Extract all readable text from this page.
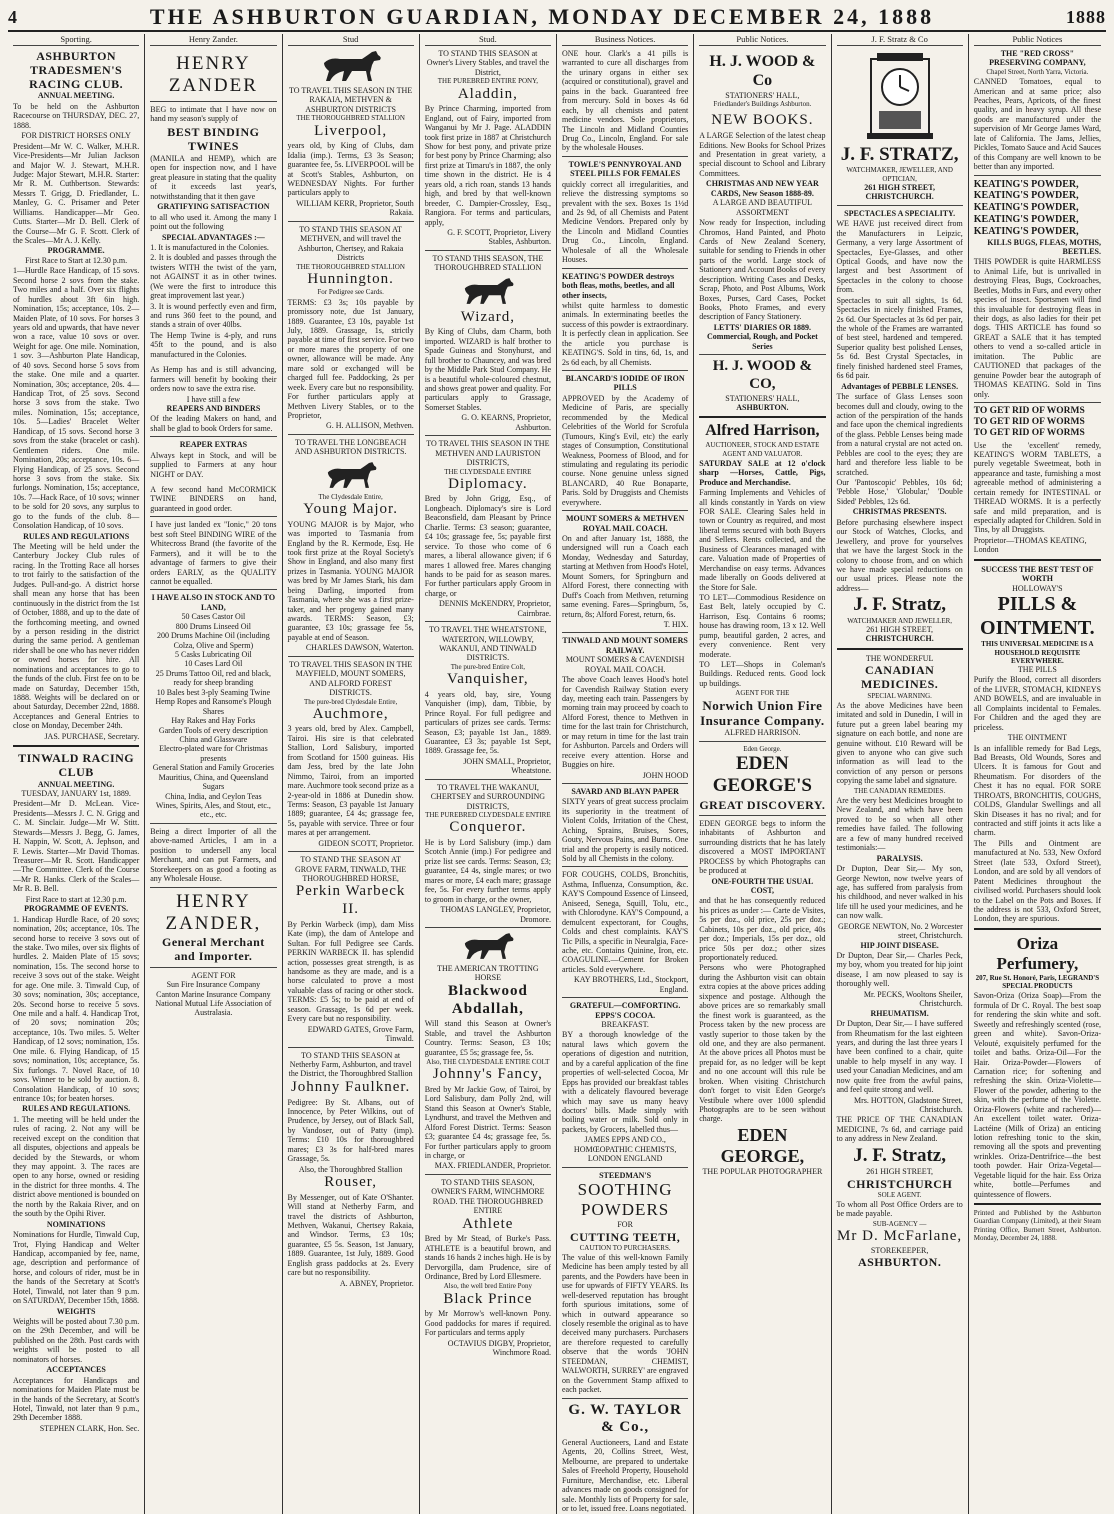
4	THE ASHBURTON GUARDIAN, MONDAY DECEMBER 24, 1888	1888
Sporting.
ASHBURTON TRADESMEN'S RACING CLUB.
ANNUAL MEETING.

To be held on the Ashburton Racecourse on THURSDAY, DEC. 27, 1888.

FOR DISTRICT HORSES ONLY

President—Mr W. C. Walker, M.H.R. Vice-Presidents—Mr Julian Jackson and Major W. J. Stewart, M.H.R. Judge: Major Stewart, M.H.R. Starter: Mr R. M. Cuthbertson. Stewards: Messrs T. Grigg, D. Friedlander, L. Manley, G. C. Prisamer and Peter Williams. Handicapper—Mr Geo. Cutts. Starter—Mr D. Bell. Clerk of the Course—Mr G. F. Scott. Clerk of the Scales—Mr A. J. Kelly.

PROGRAMME.
First Race to Start at 12.30 p.m.

1—Hurdle Race Handicap, of 15 sovs. Second horse 2 sovs from the stake. Two miles and a half. Over six flights of hurdles about 3ft 6in high. Nomination, 15s; acceptance, 10s. 2—Maiden Plate, of 10 sovs. For horses 3 years old and upwards, that have never won a race, value 10 sovs or over. Weight for age. One mile. Nomination, 1 sov. 3—Ashburton Plate Handicap, of 40 sovs. Second horse 5 sovs from the stake. One mile and a quarter. Nomination, 30s; acceptance, 20s. 4—Handicap Trot, of 25 sovs. Second horse 3 sovs from the stake. Two miles. Nomination, 15s; acceptance, 10s. 5—Ladies' Bracelet Welter Handicap, of 15 sovs. Second horse 3 sovs from the stake (bracelet or cash). Gentlemen riders. One mile. Nomination, 20s; acceptance, 10s. 6—Flying Handicap, of 25 sovs. Second horse 3 sovs from the stake. Six furlongs. Nomination, 15s; acceptance, 10s. 7—Hack Race, of 10 sovs; winner to be sold for 20 sovs, any surplus to go to the funds of the club. 8—Consolation Handicap, of 10 sovs.

RULES AND REGULATIONS

The Meeting will be held under the Canterbury Jockey Club rules of racing. In the Trotting Race all horses to trot fairly to the satisfaction of the Judges. Pull-and-go. A district horse shall mean any horse that has been continuously in the district from the 1st of October, 1888, and up to the date of the forthcoming meeting, and owned by a person residing in the district during the same period. A gentleman rider shall be one who has never ridden or owned horses for hire. All nominations and acceptances to go to the funds of the club. First fee on to be made on Saturday, December 15th, 1888. Weights will be declared on or about Saturday, December 22nd, 1888. Acceptances and General Entries to close on Monday, December 24th.

JAS. PURCHASE, Secretary.
TINWALD RACING CLUB
ANNUAL MEETING.
TUESDAY, JANUARY 1st, 1889.

President—Mr D. McLean. Vice-Presidents—Messrs J. C. N. Grigg and C. M. Sinclair. Judge—Mr W. Stitt. Stewards—Messrs J. Begg, G. James, H. Nappin, W. Scott, A. Jephson, and F. Lewis. Starter—Mr David Thomas. Treasurer—Mr R. Scott. Handicapper—The Committee. Clerk of the Course—Mr R. Hanks. Clerk of the Scales—Mr R. B. Bell.

First Race to start at 12.30 p.m.
PROGRAMME OF EVENTS.

1. Handicap Hurdle Race, of 20 sovs; nomination, 20s; acceptance, 10s. The second horse to receive 3 sovs out of the stake. Two miles, over six flights of hurdles. 2. Maiden Plate of 15 sovs; nomination, 15s. The second horse to receive 3 sovs out of the stake. Weight for age. One mile. 3. Tinwald Cup, of 30 sovs; nomination, 30s; acceptance, 20s. Second horse to receive 5 sovs. One mile and a half. 4. Handicap Trot, of 20 sovs; nomination 20s; acceptance, 10s. Two miles. 5. Welter Handicap, of 12 sovs; nomination, 15s. One mile. 6. Flying Handicap, of 15 sovs; nomination, 10s; acceptance, 5s. Six furlongs. 7. Novel Race, of 10 sovs. Winner to be sold by auction. 8. Consolation Handicap, of 10 sovs; entrance 10s; for beaten horses.

RULES AND REGULATIONS.

1. The meeting will be held under the rules of racing. 2. Not any will be received except on the condition that all disputes, objections and appeals be decided by the Stewards, or whom they may appoint. 3. The races are open to any horse, owned or residing in the district for three months. 4. The district above mentioned is bounded on the north by the Rakaia River, and on the south by the Opihi River.

NOMINATIONS

Nominations for Hurdle, Tinwald Cup, Trot, Flying Handicap and Welter Handicap, accompanied by fee, name, age, description and performance of horse, and colours of rider, must be in the hands of the Secretary at Scott's Hotel, Tinwald, not later than 9 p.m. on SATURDAY, December 15th, 1888.

WEIGHTS

Weights will be posted about 7.30 p.m. on the 29th December, and will be published on the 28th. Post cards with weights will be posted to all nominators of horses.

ACCEPTANCES

Acceptances for Handicaps and nominations for Maiden Plate must be in the hands of the Secretary, at Scott's Hotel, Tinwald, not later than 9 p.m., 29th December 1888.

STEPHEN CLARK, Hon. Sec.
Henry Zander.
HENRY ZANDER

BEG to intimate that I have now on hand my season's supply of

BEST BINDING TWINES

(MANILA and HEMP), which are open for inspection now, and I have great pleasure in stating that the quality of it exceeds last year's, notwithstanding that it then gave

GRATIFYING SATISFACTION

to all who used it. Among the many I point out the following

SPECIAL ADVANTAGES :—

1. It is manufactured in the Colonies.

2. It is doubled and passes through the twisters WITH the twist of the yarn, not AGAINST it as in other twines. (We were the first to introduce this great improvement last year.)

3. It is wound perfectly even and firm, and runs 360 feet to the pound, and stands a strain of over 40lbs.

The Hemp Twine is 4-ply, and runs 45ft to the pound, and is also manufactured in the Colonies.

As Hemp has and is still advancing, farmers will benefit by booking their orders now to save the extra rise.

I have still a few
REAPERS AND BINDERS

Of the leading Makers on hand, and shall be glad to book Orders for same.

REAPER EXTRAS

Always kept in Stock, and will be supplied to Farmers at any hour NIGHT or DAY.

A few second hand McCORMICK TWINE BINDERS on hand, guaranteed in good order.

I have just landed ex "Ionic," 20 tons best soft Steel BINDING WIRE of the Whitecross Brand (the favorite of the Farmers), and it will be to the advantage of farmers to give their orders EARLY, as the QUALITY cannot be equalled.

I HAVE ALSO IN STOCK AND TO LAND,
50 Cases Castor Oil
800 Drums Linseed Oil
200 Drums Machine Oil (including Colza, Olive and Sperm)
5 Casks Lubricating Oil
10 Cases Lard Oil
25 Drums Tattoo Oil, red and black, ready for sheep branding
10 Bales best 3-ply Seaming Twine
Hemp Ropes and Ransome's Plough Shares
Hay Rakes and Hay Forks
Garden Tools of every description
China and Glassware
Electro-plated ware for Christmas presents
General Station and Family Groceries Mauritius, China, and Queensland Sugars
China, India, and Ceylon Teas
Wines, Spirits, Ales, and Stout, etc., etc., etc.

Being a direct Importer of all the above-named Articles, I am in a position to undersell any local Merchant, and can put Farmers, and Storekeepers on as good a footing as any Wholesale House.

HENRY ZANDER,
General Merchant and Importer.
AGENT FOR
Sun Fire Insurance Company
Canton Marine Insurance Company
National Mutual Life Association of Australasia.
Stud
TO TRAVEL THIS SEASON IN THE RAKAIA, METHVEN & ASHBURTON DISTRICTS
THE THOROUGHBRED STALLION
Liverpool,

years old, by King of Clubs, dam Idalia (imp.). Terms, £3 3s Season; guarantee fee, 5s. LIVERPOOL will be at Scott's Stables, Ashburton, on WEDNESDAY Nights. For further particulars apply to

WILLIAM KERR, Proprietor, South Rakaia.
TO STAND THIS SEASON AT METHVEN, and will travel the Ashburton, Chertsey, and Rakaia Districts
THE THOROUGHBRED STALLION
Hunnington.
For Pedigree see Cards.

TERMS: £3 3s; 10s payable by promissory note, due 1st January, 1889. Guarantee, £3 10s, payable 1st July, 1889. Grassage, 1s, strictly payable at time of first service. For two or more mares the property of one owner, allowance will be made. Any mare sold or exchanged will be charged full fee. Paddocking, 2s per week. Every care but no responsibility. For further particulars apply at Methven Livery Stables, or to the Proprietor,

G. H. ALLISON, Methven.
TO TRAVEL THE LONGBEACH AND ASHBURTON DISTRICTS.
The Clydesdale Entire,
Young Major.

YOUNG MAJOR is by Major, who was imported to Tasmania from England by the R. Kermode, Esq. He took first prize at the Royal Society's Show in England, and also many first prizes in Tasmania. YOUNG MAJOR was bred by Mr James Stark, his dam being Darling, imported from Tasmania, where she was a first prize-taker, and her progeny gained many awards. TERMS: Season, £3; guarantee, £3 10s; grassage fee 5s, payable at end of Season.

CHARLES DAWSON, Waterton.
TO TRAVEL THIS SEASON IN THE MAYFIELD, MOUNT SOMERS, AND ALFORD FOREST DISTRICTS.
The pure-bred Clydesdale Entire,
Auchmore,

3 years old, bred by Alex. Campbell, Tairoi. His sire is that celebrated Stallion, Lord Salisbury, imported from Scotland for 1500 guineas. His dam Jess, bred by the late John Nimmo, Tairoi, from an imported mare. Auchmore took second prize as a 2-year-old in 1886 at Dunedin show. Terms: Season, £3 payable 1st January 1889; guarantee, £4 4s; grassage fee, 5s, payable with service. Three or four mares at per arrangement.

GIDEON SCOTT, Proprietor.
TO STAND THE SEASON AT GROVE FARM, TINWALD, THE THOROUGHBRED HORSE,
Perkin Warbeck II.

By Perkin Warbeck (imp), dam Miss Kate (imp), the dam of Antelope and Sultan. For full Pedigree see Cards. PERKIN WARBECK II. has splendid action, possesses great strength, is as handsome as they are made, and is a horse calculated to prove a most valuable class of racing or other stock. TERMS: £5 5s; to be paid at end of season. Grassage, 1s 6d per week. Every care but no responsibility.

EDWARD GATES, Grove Farm, Tinwald.
TO STAND THIS SEASON at Netherby Farm, Ashburton, and travel the District, the Thoroughbred Stallion
Johnny Faulkner.

Pedigree: By St. Albans, out of Innocence, by Peter Wilkins, out of Prudence, by Jersey, out of Black Sall, by Vandoser, out of Patty (imp). Terms: £10 10s for thoroughbred mares; £3 3s for half-bred mares Grassage, 5s.

Also, the Thoroughbred Stallion
Rouser,

By Messenger, out of Kate O'Shanter. Will stand at Netherby Farm, and travel the districts of Ashburton, Methven, Wakanui, Chertsey Rakaia, and Windsor. Terms, £3 10s; guarantee, £5 5s. Season, 1st January, 1889. Guarantee, 1st July, 1889. Good English grass paddocks at 2s. Every care but no responsibility.

A. ABNEY, Proprietor.
Stud.
TO STAND THIS SEASON at Owner's Livery Stables, and travel the District,
THE PUREBRED ENTIRE PONY,
Aladdin,

By Prince Charming, imported from England, out of Fairy, imported from Wanganui by Mr J. Page. ALADDIN took first prize in 1887 at Christchurch Show for best pony, and private prize for best pony by Prince Charming; also first prize at Timaru's in 1887, the only time shown in the district. He is 4 years old, a rich roan, stands 13 hands high, and bred by that well-known breeder, C. Dampier-Crossley, Esq., Rangiora. For terms and particulars, apply,

G. F. SCOTT, Proprietor, Livery Stables, Ashburton.
TO STAND THIS SEASON, THE THOROUGHBRED STALLION
Wizard,

By King of Clubs, dam Charm, both imported. WIZARD is half brother to Spade Guineas and Stonyhurst, and full brother to Chauncey, and was bred by the Middle Park Stud Company. He is a beautiful whole-coloured chestnut, and shows great power and quality. For particulars apply to Grassage, Somerset Stables.

G. O. KEARNS, Proprietor, Ashburton.
TO TRAVEL THIS SEASON IN THE METHVEN AND LAURISTON DISTRICTS,
THE CLYDESDALE ENTIRE
Diplomacy.

Bred by John Grigg, Esq., of Longbeach. Diplomacy's sire is Lord Beaconsfield, dam Pleasant by Prince Charlie. Terms: £3 season; guarantee, £4 10s; grassage fee, 5s; payable first service. To those who come of 6 mares, a liberal allowance given; if 6 mares 1 allowed free. Mares changing hands to be paid for as season mares. For further particulars apply Groom in charge, or

DENNIS McKENDRY, Proprietor, Cairnbrae.
TO TRAVEL THE WHEATSTONE, WATERTON, WILLOWBY, WAKANUI, AND TINWALD DISTRICTS.
The pure-bred Entire Colt,
Vanquisher,

4 years old, bay, sire, Young Vanquisher (imp), dam, Tibbie, by Prince Royal. For full pedigree and particulars of prizes see cards. Terms: Season, £3; payable 1st Jan., 1889. Guarantee, £3 3s; payable 1st Sept, 1889. Grassage fee, 5s.

JOHN SMALL, Proprietor, Wheatstone.
TO TRAVEL THE WAKANUI, CHERTSEY and SURROUNDING DISTRICTS,
THE PUREBRED CLYDESDALE ENTIRE
Conqueror.

He is by Lord Salisbury (imp.) dam Scotch Annie (imp.) For pedigree and prize list see cards. Terms: Season, £3; guarantee, £4 4s, single mares; or two mares or more, £4 each mare; grassage fee, 5s. For every further terms apply to groom in charge, or the owner,

THOMAS LANGLEY, Proprietor, Dromore.
THE AMERICAN TROTTING HORSE
Blackwood Abdallah,

Will stand this Season at Owner's Stable, and travel the Ashburton Country. Terms: Season, £3 10s; guarantee, £5 5s; grassage fee, 5s.

Also, THE CLYDESDALE ENTIRE COLT
Johnny's Fancy,

Bred by Mr Jackie Gow, of Tairoi, by Lord Salisbury, dam Polly 2nd, will Stand this Season at Owner's Stable, Lyndhurst, and travel the Methven and Alford Forest District. Terms: Season £3; guarantee £4 4s; grassage fee, 5s. For further particulars apply to groom in charge, or

MAX. FRIEDLANDER, Proprietor.
TO STAND THIS SEASON, OWNER'S FARM, WINCHMORE ROAD. THE THOROUGHBRED ENTIRE
Athlete

Bred by Mr Stead, of Burke's Pass. ATHLETE is a beautiful brown, and stands 16 hands 2 inches high. He is by Dervorgilla, dam Prudence, sire of Ordinance, Bred by Lord Ellesmere.

Also, the well bred Entire Pony
Black Prince

by Mr Morrow's well-known Pony. Good paddocks for mares if required. For particulars and terms apply

OCTAVIUS DIGBY, Proprietor, Winchmore Road.
Business Notices.

ONE hour. Clark's a 41 pills is warranted to cure all discharges from the urinary organs in either sex (acquired or constitutional), gravel and pains in the back. Guaranteed free from mercury. Sold in boxes 4s 6d each, by all chemists and patent medicine vendors. Sole proprietors, The Lincoln and Midland Counties Drug Co., Lincoln, England. For sale by the wholesale Houses.

TOWLE'S PENNYROYAL AND STEEL PILLS FOR FEMALES

quickly correct all irregularities, and relieve the distressing symptoms so prevalent with the sex. Boxes 1s 1½d and 2s 9d, of all Chemists and Patent Medicine Vendors. Prepared only by the Lincoln and Midland Counties Drug Co., Lincoln, England. Wholesale of all the Wholesale Houses.

KEATING'S POWDER destroys both fleas, moths, beetles, and all other insects,

whilst quite harmless to domestic animals. In exterminating beetles the success of this powder is extraordinary. It is perfectly clean in application. See the article you purchase is KEATING'S. Sold in tins, 6d, 1s, and 2s 6d each, by all Chemists.

BLANCARD'S IODIDE OF IRON PILLS

APPROVED by the Academy of Medicine of Paris, are specially recommended by the Medical Celebrities of the World for Scrofula (Tumours, King's Evil, etc) the early stages of Consumption, Constitutional Weakness, Poorness of Blood, and for stimulating and regulating its periodic course. None genuine unless signed BLANCARD, 40 Rue Bonaparte, Paris. Sold by Druggists and Chemists everywhere.

MOUNT SOMERS & METHVEN ROYAL MAIL COACH.

On and after January 1st, 1888, the undersigned will run a Coach each Monday, Wednesday and Saturday, starting at Methven from Hood's Hotel, Mount Somers, for Springburn and Alford Forest, there connecting with Duff's Coach from Methven, returning same evening. Fares—Springburn, 5s, return, 8s; Alford Forest, return, 6s.

T. HIX.
TINWALD AND MOUNT SOMERS RAILWAY.
MOUNT SOMERS & CAVENDISH ROYAL MAIL COACH.

The above Coach leaves Hood's hotel for Cavendish Railway Station every day, meeting each train. Passengers by morning train may proceed by coach to Alford Forest, thence to Methven in time for the last train for Christchurch, or may return in time for the last train for Ashburton. Parcels and Orders will receive every attention. Horse and Buggies on hire.

JOHN HOOD
SAVARD AND BLAYN PAPER

SIXTY years of great success proclaim its superiority in the treatment of Violent Colds, Irritation of the Chest, Aching, Sprains, Bruises, Sores, Gouty, Nervous Pains, and Burns. One trial and the property is easily noticed. Sold by all Chemists in the colony.

FOR COUGHS, COLDS, Bronchitis, Asthma, Influenza, Consumption, &c. KAY'S Compound Essence of Linseed, Aniseed, Senega, Squill, Tolu, etc., with Chlorodyne. KAY'S Compound, a demulcent expectorant, for Coughs, Colds and chest complaints. KAY'S Tic Pills, a specific in Neuralgia, Face-ache, etc. Contains Quinine, Iron, etc. COAGULINE.—Cement for Broken articles. Sold everywhere.

KAY BROTHERS, Ltd., Stockport, England.
GRATEFUL—COMFORTING. EPPS'S COCOA.
BREAKFAST.

BY a thorough knowledge of the natural laws which govern the operations of digestion and nutrition, and by a careful application of the fine properties of well-selected Cocoa, Mr Epps has provided our breakfast tables with a delicately flavoured beverage which may save us many heavy doctors' bills. Made simply with boiling water or milk. Sold only in packets, by Grocers, labelled thus—

JAMES EPPS AND CO., HOMŒOPATHIC CHEMISTS, LONDON ENGLAND
STEEDMAN'S
SOOTHING POWDERS
FOR
CUTTING TEETH,
CAUTION TO PURCHASERS.

The value of this well-known Family Medicine has been amply tested by all parents, and the Powders have been in use for upwards of FIFTY YEARS. Its well-deserved reputation has brought forth spurious imitations, some of which in outward appearance so closely resemble the original as to have deceived many purchasers. Purchasers are therefore requested to carefully observe that the words 'JOHN STEEDMAN, CHEMIST, WALWORTH, SURREY' are engraved on the Government Stamp affixed to each packet.

G. W. TAYLOR & Co.,

General Auctioneers, Land and Estate Agents, 20, Collins Street, West, Melbourne, are prepared to undertake Sales of Freehold Property, Household Furniture, Merchandise, etc. Liberal advances made on goods consigned for sale. Monthly lists of Property for sale, or to let, issued free. Loans negotiated.

Public Notices.
H. J. WOOD & Co
STATIONERS' HALL,
Friedlander's Buildings Ashburton.
NEW BOOKS.

A LARGE Selection of the latest cheap Editions. New Books for School Prizes and Presentation in great variety, a special discount to School and Library Committees.

CHRISTMAS AND NEW YEAR CARDS, New Season 1888-89.
A LARGE AND BEAUTIFUL ASSORTMENT

Now ready for Inspection, including Chromos, Hand Painted, and Photo Cards of New Zealand Scenery, suitable for sending to Friends in other parts of the world. Large stock of Stationery and Account Books of every description. Writing Cases and Desks, Scrap, Photo, and Post Albums, Work Boxes, Purses, Card Cases, Pocket Books, Photo Frames, and every description of Fancy Stationery.

LETTS' DIARIES OR 1889. Commercial, Rough, and Pocket Series
H. J. WOOD & CO,
STATIONERS' HALL,
ASHBURTON.
Alfred Harrison,
AUCTIONEER, STOCK AND ESTATE AGENT AND VALUATOR.

SATURDAY SALE at 12 o'clock sharp —Horses, Cattle, Pigs, Produce and Merchandise.

Farming Implements and Vehicles of all kinds constantly in Yards on view FOR SALE. Clearing Sales held in town or Country as required, and most liberal terms secured with both Buyers and Sellers. Rents collected, and the Business of Clearances managed with care. Valuation made of Properties of Merchandise on easy terms. Advances made liberally on Goods delivered at the Store for Sale.

TO LET—Commodious Residence on East Belt, lately occupied by C. Harrison, Esq. Contains 6 rooms; house has drawing room, 13 x 12. Well pump, beautiful garden, 2 acres, and every convenience. Rent very moderate.

TO LET—Shops in Coleman's Buildings. Reduced rents. Good lock up buildings.

AGENT FOR THE
Norwich Union Fire Insurance Company.
ALFRED HARRISON.
Eden George.
EDEN GEORGE'S
GREAT DISCOVERY.

EDEN GEORGE begs to inform the inhabitants of Ashburton and surrounding districts that he has lately discovered a MOST IMPORTANT PROCESS by which Photographs can be produced at

ONE-FOURTH THE USUAL COST,

and that he has consequently reduced his prices as under :— Carte de Visites, 5s per doz., old price, 25s per doz.; Cabinets, 10s per doz., old price, 40s per doz.; Imperials, 15s per doz., old price 50s per doz.; other sizes proportionately reduced.

Persons who were Photographed during the Ashburton visit can obtain extra copies at the above prices adding sixpence and postage. Although the above prices are so remarkably small the finest work is guaranteed, as the Process taken by the new process are vastly superior to those taken by the old one, and they are also permanent. At the above prices all Photos must be prepaid for, as no ledger will be kept and no one account will this rule be broken. When visiting Christchurch don't forget to visit Eden George's Vestibule where over 1000 splendid Photographs are to be seen without charge.

EDEN GEORGE,
THE POPULAR PHOTOGRAPHER
J. F. Stratz & Co
J. F. STRATZ,
WATCHMAKER, JEWELLER, AND OPTICIAN,
261 HIGH STREET, CHRISTCHURCH.
SPECTACLES A SPECIALITY.

WE HAVE just received direct from the Manufacturers in Leipzic, Germany, a very large Assortment of Spectacles, Eye-Glasses, and other Optical Goods, and have now the largest and best Assortment of Spectacles in the colony to choose from.

Spectacles to suit all sights, 1s 6d. Spectacles in nicely finished Frames, 2s 6d. Our Spectacles at 3s 6d per pair, the whole of the Frames are warranted of best steel, hardened and tempered. Superior quality best polished Lenses, 5s 6d. Best Crystal Spectacles, in finely finished hardened steel Frames, 6s 6d pair.

Advantages of PEBBLE LENSES.

The surface of Glass Lenses soon becomes dull and cloudy, owing to the action of the perspiration of the hands and face upon the chemical ingredients of the glass. Pebble Lenses being made from a natural crystal are not acted on. Pebbles are cool to the eyes; they are hard and therefore less liable to be scratched.

Our 'Pantoscopic' Pebbles, 10s 6d; 'Pebble Hose,' 'Globular,' 'Double Sided' Pebbles, 12s 6d.

CHRISTMAS PRESENTS.

Before purchasing elsewhere inspect our Stock of Watches, Clocks, and Jewellery, and prove for yourselves that we have the largest Stock in the colony to choose from, and on which we have made special reductions on our usual prices. Please note the address—

J. F. Stratz,
WATCHMAKER AND JEWELLER,
261 HIGH STREET,
CHRISTCHURCH.
THE WONDERFUL
CANADIAN MEDICINES.
SPECIAL WARNING.

As the above Medicines have been imitated and sold in Dunedin, I will in future put a green label bearing my signature on each bottle, and none are genuine without. £10 Reward will be given to anyone who can give such information as will lead to the conviction of any person or persons copying the same label and signature.

THE CANADIAN REMEDIES.

Are the very best Medicines brought to New Zealand, and which have been proved to be so when all other remedies have failed. The following are a few of many hundred received testimonials:—

PARALYSIS.

Dr Dupton, Dear Sir,— My son, George Newton, now twelve years of age, has suffered from paralysis from his childhood, and never walked in his life till he used your medicines, and he can now walk.

GEORGE NEWTON, No. 2 Worcester street, Christchurch.
HIP JOINT DISEASE.

Dr Dupton, Dear Sir,— Charles Peck, my boy, whom you treated for hip joint disease, I am now pleased to say is thoroughly well.

Mr. PECKS, Wooltons Sheiler, Christchurch.
RHEUMATISM.

Dr Dupton, Dear Sir,— I have suffered from Rheumatism for the last eighteen years, and during the last three years I have been confined to a chair, quite unable to help myself in any way. I used your Canadian Medicines, and am now quite free from the awful pains, and feel quite strong and well.

Mrs. HOTTON, Gladstone Street, Christchurch.

THE PRICE OF THE CANADIAN MEDICINE, 7s 6d, and carriage paid to any address in New Zealand.

J. F. Stratz,
261 HIGH STREET,
CHRISTCHURCH
SOLE AGENT.

To whom all Post Office Orders are to be made payable.

SUB-AGENCY —
Mr D. McFarlane,
STOREKEEPER,
ASHBURTON.
Public Notices
THE "RED CROSS" PRESERVING COMPANY,
Chapel Street, North Yarra, Victoria.

CANNED Tomatoes, equal to American and at same price; also Peaches, Pears, Apricots, of the finest quality, and in heavy syrup. All these goods are manufactured under the supervision of Mr George James Ward, late of California. The Jams, Jellies, Pickles, Tomato Sauce and Acid Sauces of this Company are well known to be better than any imported.

KEATING'S POWDER,
KEATING'S POWDER,
KEATING'S POWDER,
KEATING'S POWDER,
KEATING'S POWDER,
KILLS BUGS, FLEAS, MOTHS, BEETLES.

THIS POWDER is quite HARMLESS to Animal Life, but is unrivalled in destroying Fleas, Bugs, Cockroaches, Beetles, Moths in Furs, and every other species of insect. Sportsmen will find this invaluable for destroying fleas in their dogs, as also ladies for their pet dogs. THIS ARTICLE has found so GREAT a SALE that it has tempted others to vend a so-called article in imitation. The Public are CAUTIONED that packages of the genuine Powder bear the autograph of THOMAS KEATING. Sold in Tins only.

TO GET RID OF WORMS
TO GET RID OF WORMS
TO GET RID OF WORMS

Use the 'excellent' remedy, KEATING'S WORM TABLETS, a purely vegetable Sweetmeat, both in appearance and taste, furnishing a most agreeable method of administering a certain remedy for INTESTINAL or THREAD WORMS. It is a perfectly safe and mild preparation, and is especially adapted for Children. Sold in Tins, by all Druggists.

Proprietor—THOMAS KEATING, London
SUCCESS THE BEST TEST OF WORTH
HOLLOWAY'S
PILLS & OINTMENT.
THIS UNIVERSAL MEDICINE IS A HOUSEHOLD REQUISITE EVERYWHERE.
THE PILLS

Purify the Blood, correct all disorders of the LIVER, STOMACH, KIDNEYS AND BOWELS, and are invaluable in all Complaints incidental to Females. For Children and the aged they are priceless.

THE OINTMENT

Is an infallible remedy for Bad Legs, Bad Breasts, Old Wounds, Sores and Ulcers. It is famous for Gout and Rheumatism. For disorders of the Chest it has no equal. FOR SORE THROATS, BRONCHITIS, COUGHS, COLDS, Glandular Swellings and all Skin Diseases it has no rival; and for contracted and stiff joints it acts like a charm.

The Pills and Ointment are manufactured at No. 533, New Oxford Street (late 533, Oxford Street), London, and are sold by all vendors of Patent Medicines throughout the civilised world. Purchasers should look to the Label on the Pots and Boxes. If the address is not 533, Oxford Street, London, they are spurious.

Oriza Perfumery,
207, Rue St. Honoré, Paris, LEGRAND'S SPECIAL PRODUCTS

Savon-Oriza (Oriza Soap)—From the formula of Dr C. Royal. The best soap for rendering the skin white and soft. Sweetly and refreshingly scented (rose, green and white). Savon-Oriza-Velouté, exquisitely perfumed for the toilet and baths. Oriza-Oil—For the Hair. Oriza-Powder—Flowers of Carnation rice; for softening and refreshing the skin. Oriza-Violette—Flower of the powder, adhering to the skin, with the perfume of the Violette. Oriza-Flowers (white and rachered)—An excellent toilet water. Oriza-Lactéine (Milk of Oriza) an enticing lotion refreshing tonic to the skin, removing all the spots and preventing wrinkles. Oriza-Dentrifrice—the best tooth powder. Hair Oriza-Vegetal—Vegetable liquid for the hair. Ess Oriza white, bottle—Perfumes and quintessence of flowers.

Printed and Published by the Ashburton Guardian Company (Limited), at their Steam Printing Office, Burnett Street, Ashburton. Monday, December 24, 1888.
